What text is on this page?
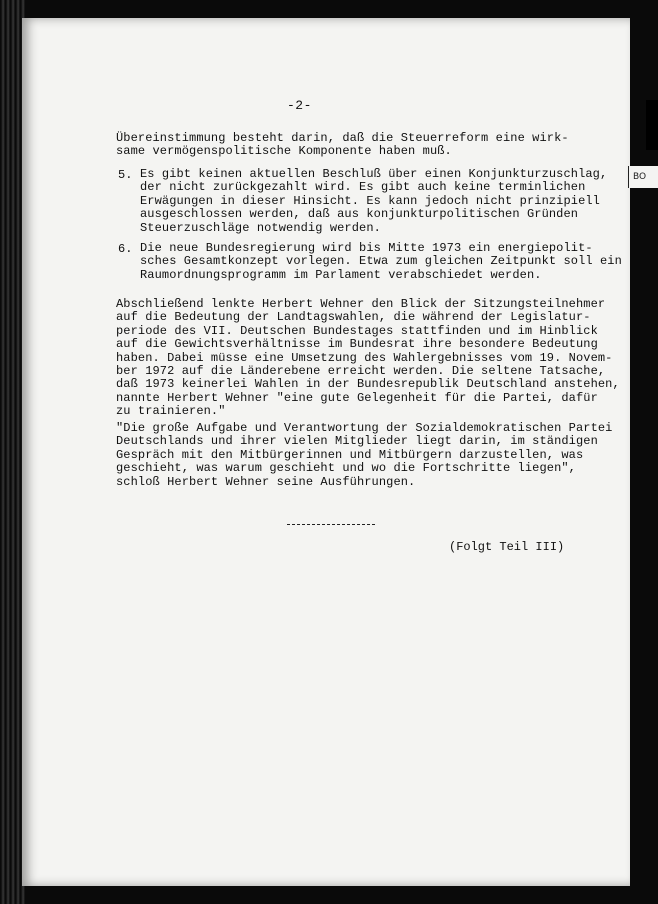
-2-
Übereinstimmung besteht darin, daß die Steuerreform eine wirk-
same vermögenspolitische Komponente haben muß.
5. Es gibt keinen aktuellen Beschluß über einen Konjunkturzuschlag,
der nicht zurückgezahlt wird. Es gibt auch keine terminlichen
Erwägungen in dieser Hinsicht. Es kann jedoch nicht prinzipiell
ausgeschlossen werden, daß aus konjunkturpolitischen Gründen
Steuerzuschläge notwendig werden.
6. Die neue Bundesregierung wird bis Mitte 1973 ein energiepolit-
sches Gesamtkonzept vorlegen. Etwa zum gleichen Zeitpunkt soll ein
Raumordnungsprogramm im Parlament verabschiedet werden.
Abschließend lenkte Herbert Wehner den Blick der Sitzungsteilnehmer
auf die Bedeutung der Landtagswahlen, die während der Legislatur-
periode des VII. Deutschen Bundestages stattfinden und im Hinblick
auf die Gewichtsverhältnisse im Bundesrat ihre besondere Bedeutung
haben. Dabei müsse eine Umsetzung des Wahlergebnisses vom 19. Novem-
ber 1972 auf die Länderebene erreicht werden. Die seltene Tatsache,
daß 1973 keinerlei Wahlen in der Bundesrepublik Deutschland anstehen,
nannte Herbert Wehner "eine gute Gelegenheit für die Partei, dafür
zu trainieren."
"Die große Aufgabe und Verantwortung der Sozialdemokratischen Partei
Deutschlands und ihrer vielen Mitglieder liegt darin, im ständigen
Gespräch mit den Mitbürgerinnen und Mitbürgern darzustellen, was
geschieht, was warum geschieht und wo die Fortschritte liegen",
schloß Herbert Wehner seine Ausführungen.
(Folgt Teil III)
BO
